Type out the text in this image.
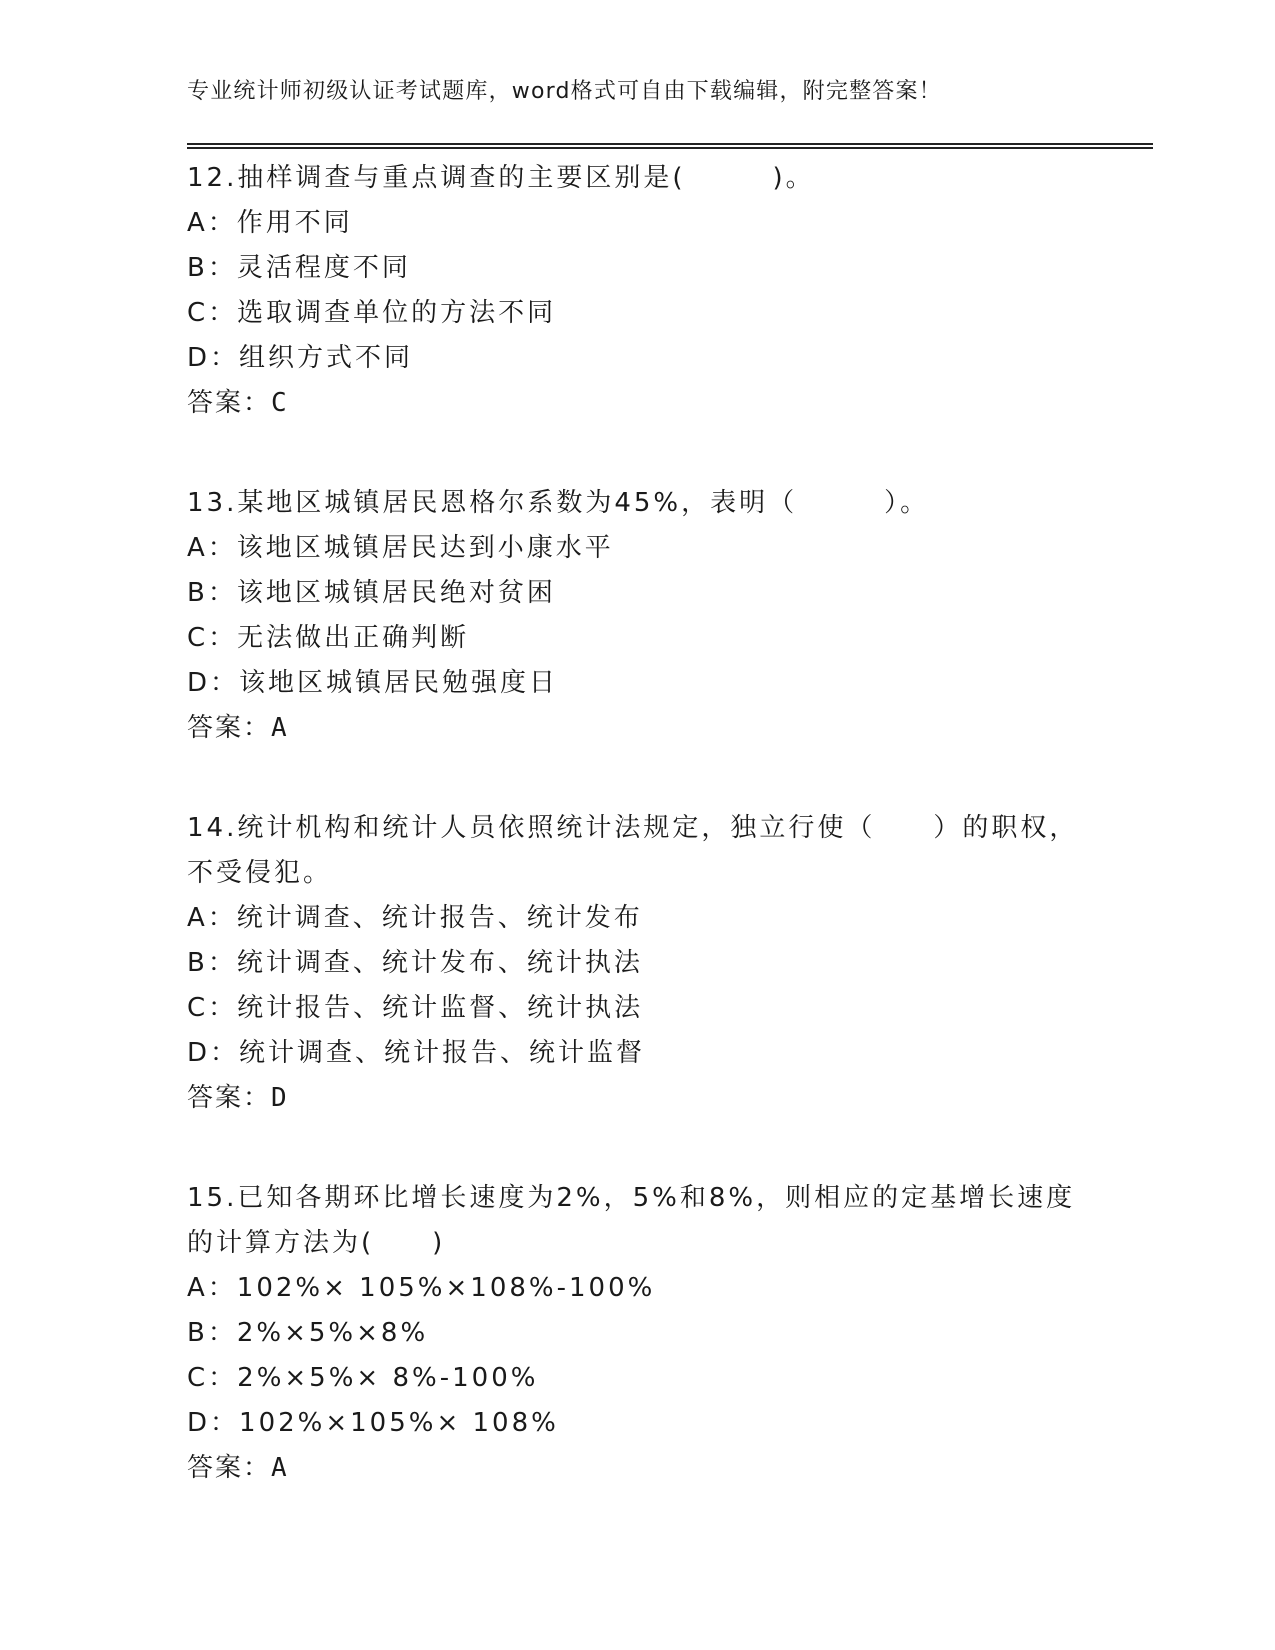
专业统计师初级认证考试题库，word格式可自由下载编辑，附完整答案！

12.抽样调查与重点调查的主要区别是(　　　)。

A：作用不同

B：灵活程度不同

C：选取调查单位的方法不同

D：组织方式不同

答案：C

13.某地区城镇居民恩格尔系数为45%，表明（　　　）。

A：该地区城镇居民达到小康水平

B：该地区城镇居民绝对贫困

C：无法做出正确判断

D：该地区城镇居民勉强度日

答案：A

14.统计机构和统计人员依照统计法规定，独立行使（　　）的职权，不受侵犯。

A：统计调查、统计报告、统计发布

B：统计调查、统计发布、统计执法

C：统计报告、统计监督、统计执法

D：统计调查、统计报告、统计监督

答案：D

15.已知各期环比增长速度为2%，5%和8%，则相应的定基增长速度的计算方法为(　　)

A：102%× 105%×108%-100%

B：2%×5%×8%

C：2%×5%× 8%-100%

D：102%×105%× 108%

答案：A
